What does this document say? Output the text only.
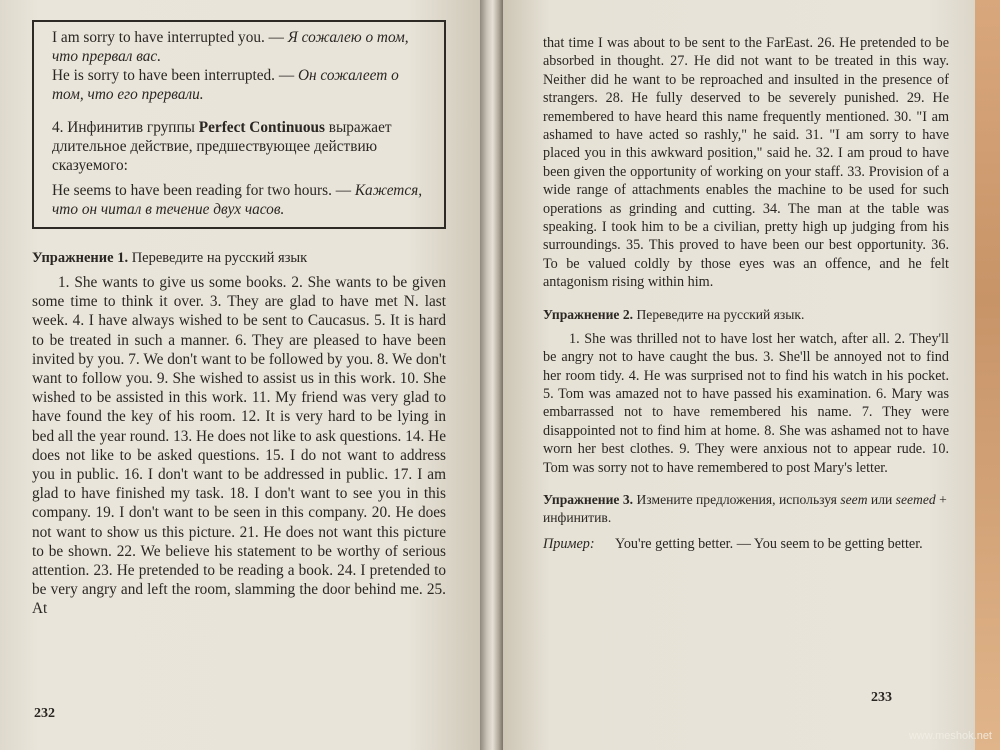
I am sorry to have interrupted you. — Я сожалею о том, что прервал вас.

He is sorry to have been interrupted. — Он сожалеет о том, что его прервали.

4. Инфинитив группы Perfect Continuous выражает длительное действие, предшествующее действию сказуемого:

He seems to have been reading for two hours. — Кажется, что он читал в течение двух часов.

Упражнение 1. Переведите на русский язык

1. She wants to give us some books. 2. She wants to be given some time to think it over. 3. They are glad to have met N. last week. 4. I have always wished to be sent to Caucasus. 5. It is hard to be treated in such a manner. 6. They are pleased to have been invited by you. 7. We don't want to be followed by you. 8. We don't want to follow you. 9. She wished to assist us in this work. 10. She wished to be assisted in this work. 11. My friend was very glad to have found the key of his room. 12. It is very hard to be lying in bed all the year round. 13. He does not like to ask questions. 14. He does not like to be asked questions. 15. I do not want to address you in public. 16. I don't want to be addressed in public. 17. I am glad to have finished my task. 18. I don't want to see you in this company. 19. I don't want to be seen in this company. 20. He does not want to show us this picture. 21. He does not want this picture to be shown. 22. We believe his statement to be worthy of serious attention. 23. He pretended to be reading a book. 24. I pretended to be very angry and left the room, slamming the door behind me. 25. At

232

that time I was about to be sent to the FarEast. 26. He pretended to be absorbed in thought. 27. He did not want to be treated in this way. Neither did he want to be reproached and insulted in the presence of strangers. 28. He fully deserved to be severely punished. 29. He remembered to have heard this name frequently mentioned. 30. "I am ashamed to have acted so rashly," he said. 31. "I am sorry to have placed you in this awkward position," said he. 32. I am proud to have been given the opportunity of working on your staff. 33. Provision of a wide range of attachments enables the machine to be used for such operations as grinding and cutting. 34. The man at the table was speaking. I took him to be a civilian, pretty high up judging from his surroundings. 35. This proved to have been our best opportunity. 36. To be valued coldly by those eyes was an offence, and he felt antagonism rising within him.

Упражнение 2. Переведите на русский язык.

1. She was thrilled not to have lost her watch, after all. 2. They'll be angry not to have caught the bus. 3. She'll be annoyed not to find her room tidy. 4. He was surprised not to find his watch in his pocket. 5. Tom was amazed not to have passed his examination. 6. Mary was embarrassed not to have remembered his name. 7. They were disappointed not to find him at home. 8. She was ashamed not to have worn her best clothes. 9. They were anxious not to appear rude. 10. Tom was sorry not to have remembered to post Mary's letter.

Упражнение 3. Измените предложения, используя seem или seemed + инфинитив.
Пример:	You're getting better. — You seem to be getting better.
233
www.meshok.net
